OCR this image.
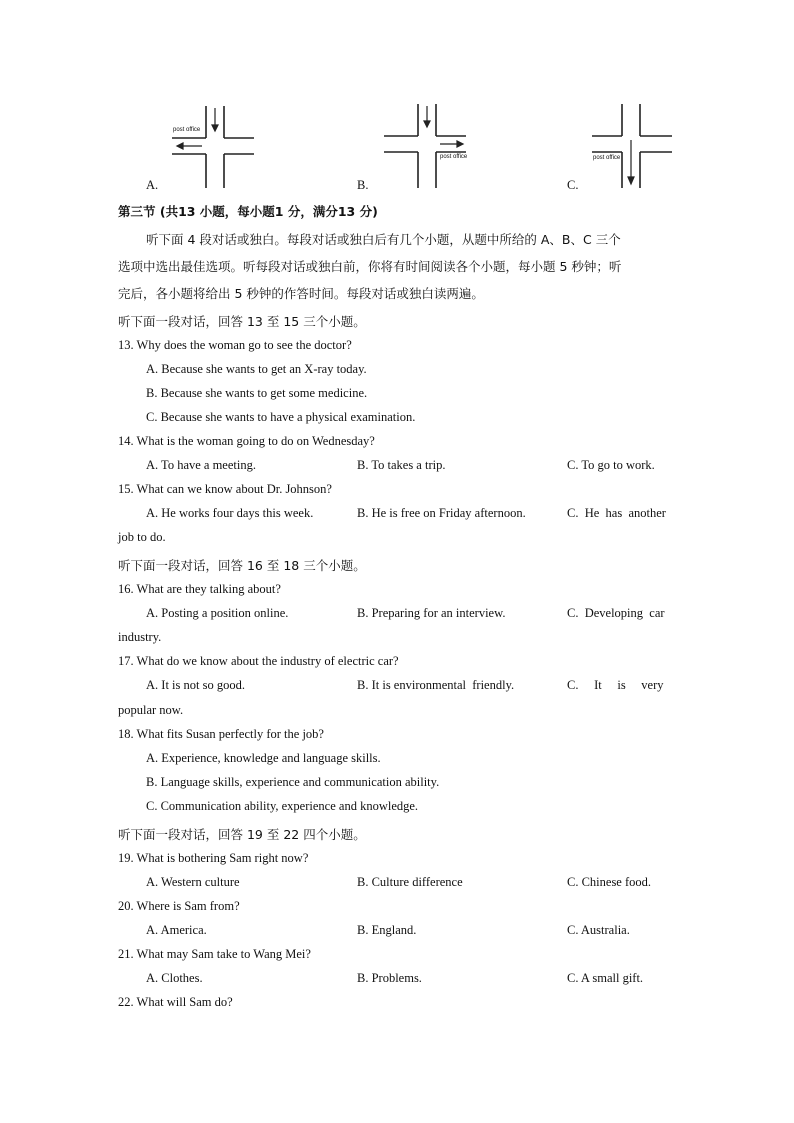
post office
A.
post office
B.
post office
C.
第三节 (共13 小题，每小题1 分，满分13 分)
听下面 4 段对话或独白。每段对话或独白后有几个小题，从题中所给的 A、B、C 三个
选项中选出最佳选项。听每段对话或独白前，你将有时间阅读各个小题，每小题 5 秒钟；听
完后，各小题将给出 5 秒钟的作答时间。每段对话或独白读两遍。
听下面一段对话，回答 13 至 15 三个小题。
13. Why does the woman go to see the doctor?
A. Because she wants to get an X-ray today.
B. Because she wants to get some medicine.
C. Because she wants to have a physical examination.
14. What is the woman going to do on Wednesday?
A. To have a meeting.	B. To takes a trip.	C. To go to work.
15. What can we know about Dr. Johnson?
A. He works four days this week.	B. He is free on Friday afternoon.	C.  He  has  another
job to do.
听下面一段对话，回答 16 至 18 三个小题。
16. What are they talking about?
A. Posting a position online.	B. Preparing for an interview.	C.  Developing  car
industry.
17. What do we know about the industry of electric car?
A. It is not so good.	B. It is environmental  friendly.	C.     It     is     very
popular now.
18. What fits Susan perfectly for the job?
A. Experience, knowledge and language skills.
B. Language skills, experience and communication ability.
C. Communication ability, experience and knowledge.
听下面一段对话，回答 19 至 22 四个小题。
19. What is bothering Sam right now?
A. Western culture	B. Culture difference	C. Chinese food.
20. Where is Sam from?
A. America.	B. England.	C. Australia.
21. What may Sam take to Wang Mei?
A. Clothes.	B. Problems.	C. A small gift.
22. What will Sam do?
